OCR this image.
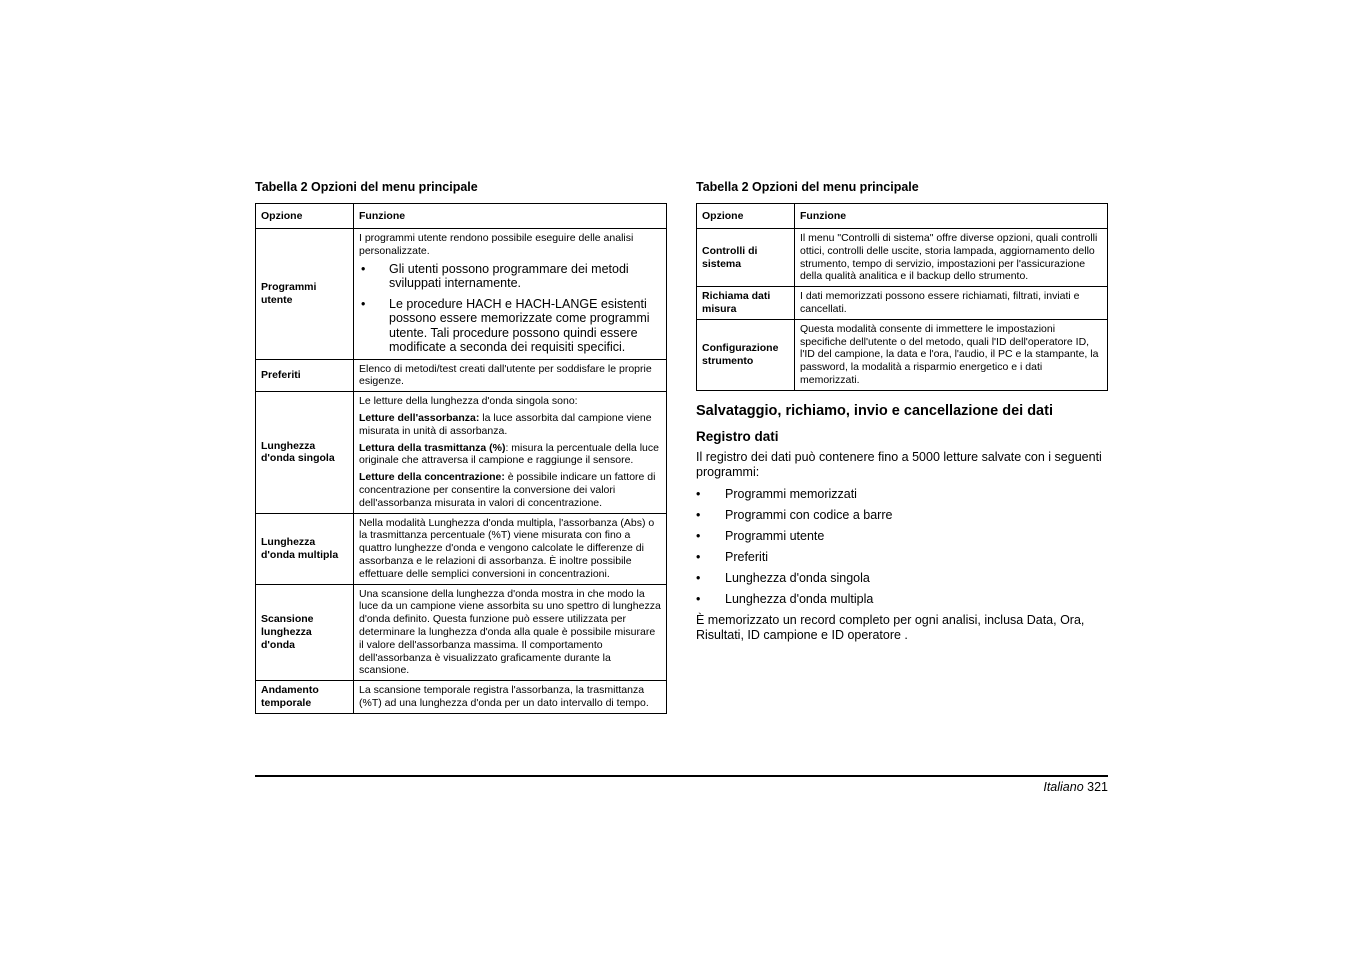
Tabella 2 Opzioni del menu principale
Opzione	Funzione
Programmi utente	I programmi utente rendono possibile eseguire delle analisi personalizzate.

• Gli utenti possono programmare dei metodi sviluppati internamente.
• Le procedure HACH e HACH-LANGE esistenti possono essere memorizzate come programmi utente. Tali procedure possono quindi essere modificate a seconda dei requisiti specifici.

Preferiti	Elenco di metodi/test creati dall'utente per soddisfare le proprie esigenze.
Lunghezza d'onda singola	Le letture della lunghezza d'onda singola sono:

Letture dell'assorbanza: la luce assorbita dal campione viene misurata in unità di assorbanza.

Lettura della trasmittanza (%): misura la percentuale della luce originale che attraversa il campione e raggiunge il sensore.

Letture della concentrazione: è possibile indicare un fattore di concentrazione per consentire la conversione dei valori dell'assorbanza misurata in valori di concentrazione.

Lunghezza d'onda multipla	Nella modalità Lunghezza d'onda multipla, l'assorbanza (Abs) o la trasmittanza percentuale (%T) viene misurata con fino a quattro lunghezze d'onda e vengono calcolate le differenze di assorbanza e le relazioni di assorbanza. È inoltre possibile effettuare delle semplici conversioni in concentrazioni.
Scansione lunghezza d'onda	Una scansione della lunghezza d'onda mostra in che modo la luce da un campione viene assorbita su uno spettro di lunghezza d'onda definito. Questa funzione può essere utilizzata per determinare la lunghezza d'onda alla quale è possibile misurare il valore dell'assorbanza massima. Il comportamento dell'assorbanza è visualizzato graficamente durante la scansione.
Andamento temporale	La scansione temporale registra l'assorbanza, la trasmittanza (%T) ad una lunghezza d'onda per un dato intervallo di tempo.
Tabella 2 Opzioni del menu principale
Opzione	Funzione
Controlli di sistema	Il menu "Controlli di sistema" offre diverse opzioni, quali controlli ottici, controlli delle uscite, storia lampada, aggiornamento dello strumento, tempo di servizio, impostazioni per l'assicurazione della qualità analitica e il backup dello strumento.
Richiama dati misura	I dati memorizzati possono essere richiamati, filtrati, inviati e cancellati.
Configurazione strumento	Questa modalità consente di immettere le impostazioni specifiche dell'utente o del metodo, quali l'ID dell'operatore ID, l'ID del campione, la data e l'ora, l'audio, il PC e la stampante, la password, la modalità a risparmio energetico e i dati memorizzati.
Salvataggio, richiamo, invio e cancellazione dei dati
Registro dati

Il registro dei dati può contenere fino a 5000 letture salvate con i seguenti programmi:

•	Programmi memorizzati
•	Programmi con codice a barre
•	Programmi utente
•	Preferiti
•	Lunghezza d'onda singola
•	Lunghezza d'onda multipla

È memorizzato un record completo per ogni analisi, inclusa Data, Ora, Risultati, ID campione e ID operatore .

Italiano 321
